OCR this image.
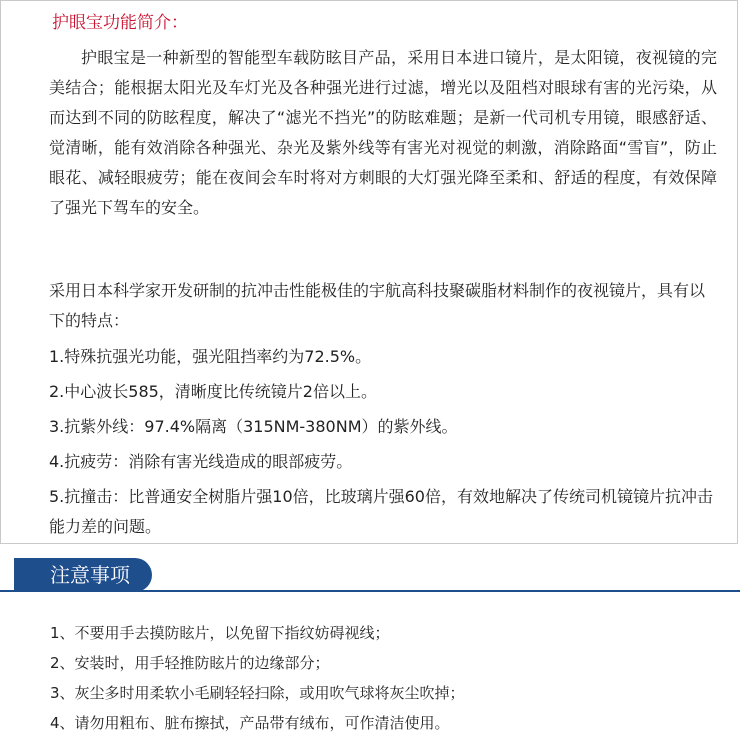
护眼宝功能简介：

护眼宝是一种新型的智能型车载防眩目产品，采用日本进口镜片，是太阳镜，夜视镜的完美结合；能根据太阳光及车灯光及各种强光进行过滤，增光以及阻档对眼球有害的光污染，从而达到不同的防眩程度，解决了“滤光不挡光”的防眩难题；是新一代司机专用镜，眼感舒适、觉清晰，能有效消除各种强光、杂光及紫外线等有害光对视觉的刺激，消除路面“雪盲”，防止眼花、减轻眼疲劳；能在夜间会车时将对方刺眼的大灯强光降至柔和、舒适的程度，有效保障了强光下驾车的安全。

采用日本科学家开发研制的抗冲击性能极佳的宇航高科技聚碳脂材料制作的夜视镜片，具有以下的特点：

1.特殊抗强光功能，强光阻挡率约为72.5%。
2.中心波长585，清晰度比传统镜片2倍以上。
3.抗紫外线：97.4%隔离（315NM-380NM）的紫外线。
4.抗疲劳：消除有害光线造成的眼部疲劳。
5.抗撞击：比普通安全树脂片强10倍，比玻璃片强60倍，有效地解决了传统司机镜镜片抗冲击能力差的问题。
注意事项
1、不要用手去摸防眩片，以免留下指纹妨碍视线；
2、安装时，用手轻推防眩片的边缘部分；
3、灰尘多时用柔软小毛刷轻轻扫除，或用吹气球将灰尘吹掉；
4、请勿用粗布、脏布擦拭，产品带有绒布，可作清洁使用。
